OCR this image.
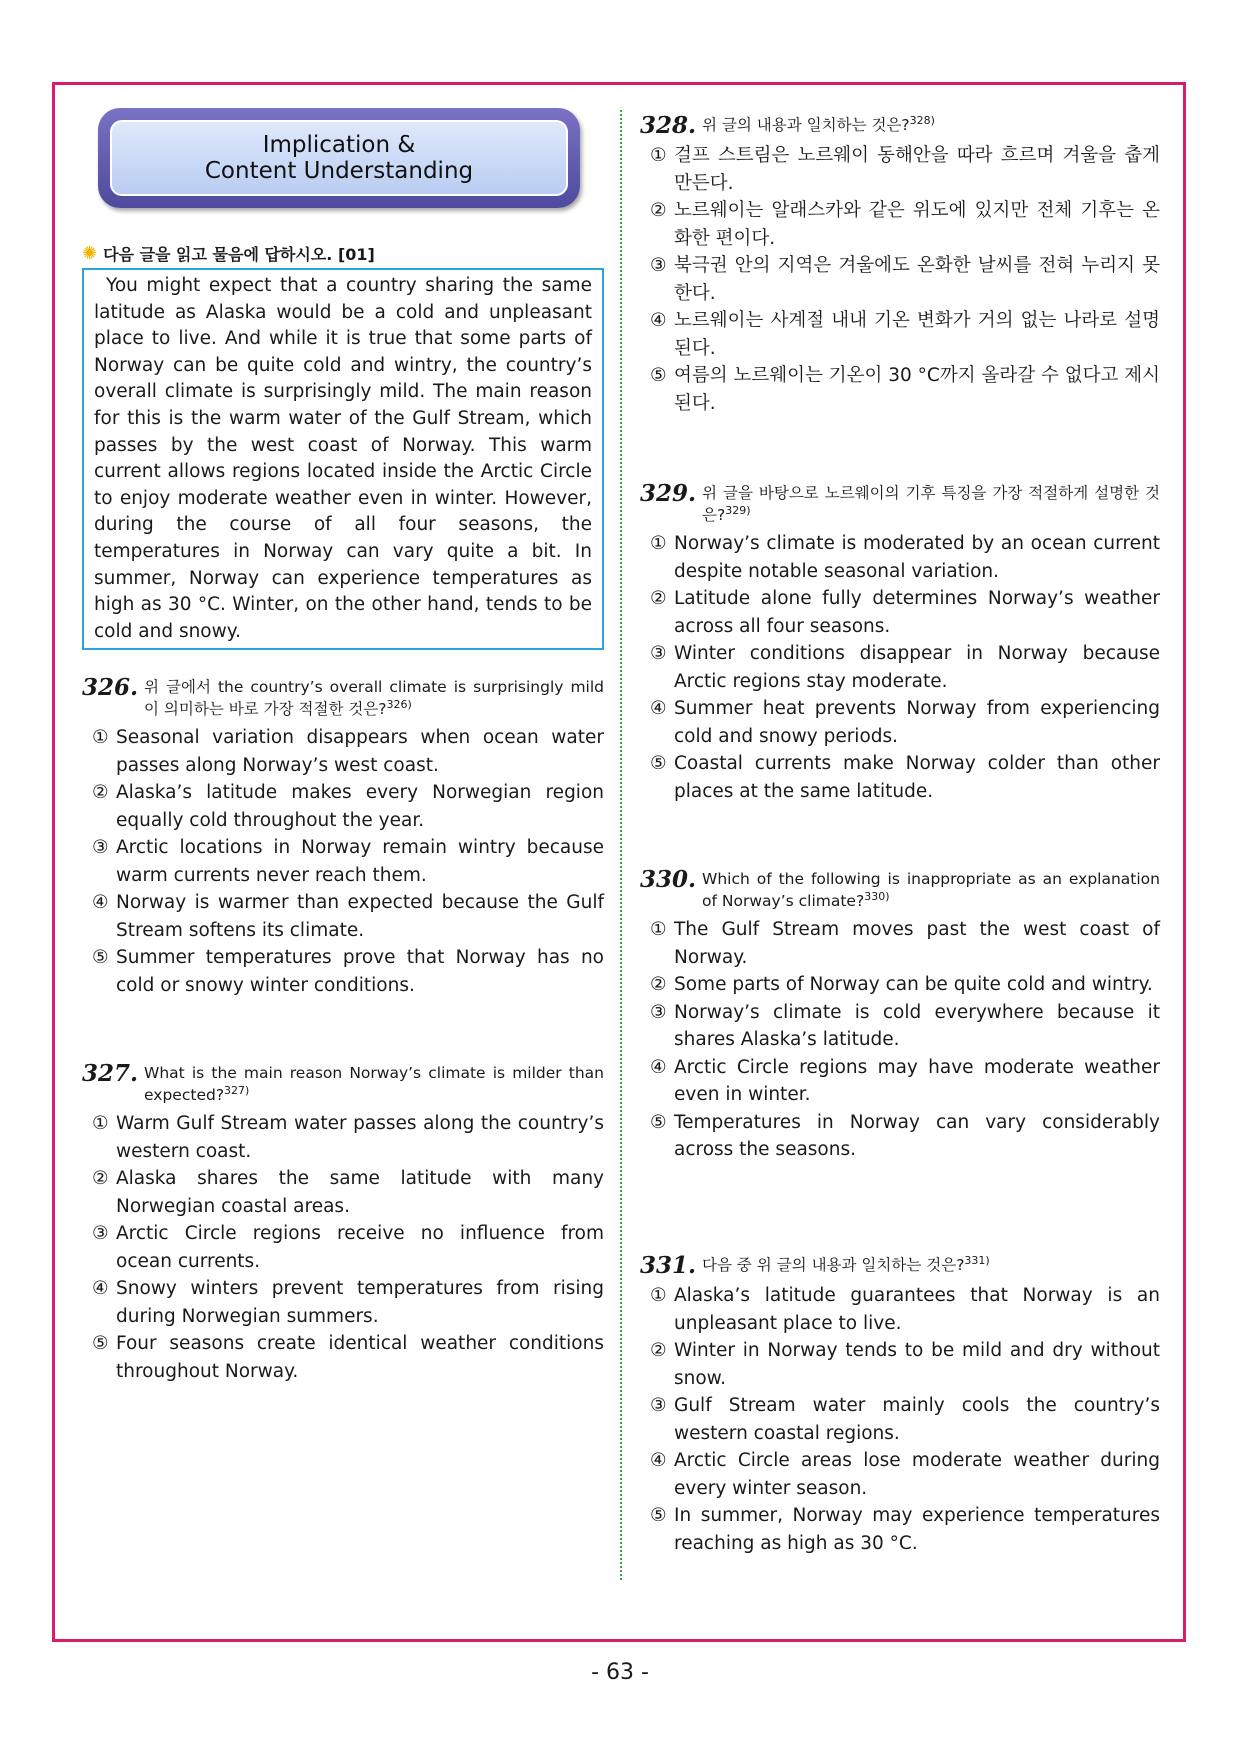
Implication &
Content Understanding
✺ 다음 글을 읽고 물음에 답하시오. [01]

You might expect that a country sharing the same latitude as Alaska would be a cold and unpleasant place to live. And while it is true that some parts of Norway can be quite cold and wintry, the country’s overall climate is surprisingly mild. The main reason for this is the warm water of the Gulf Stream, which passes by the west coast of Norway. This warm current allows regions located inside the Arctic Circle to enjoy moderate weather even in winter. However, during the course of all four seasons, the temperatures in Norway can vary quite a bit. In summer, Norway can experience temperatures as high as 30 °C. Winter, on the other hand, tends to be cold and snowy.

326. 위 글에서 the country’s overall climate is surprisingly mild 이 의미하는 바로 가장 적절한 것은?$^{326)}$
① Seasonal variation disappears when ocean water passes along Norway’s west coast.
② Alaska’s latitude makes every Norwegian region equally cold throughout the year.
③ Arctic locations in Norway remain wintry because warm currents never reach them.
④ Norway is warmer than expected because the Gulf Stream softens its climate.
⑤ Summer temperatures prove that Norway has no cold or snowy winter conditions.
327. What is the main reason Norway’s climate is milder than expected?$^{327)}$
① Warm Gulf Stream water passes along the country’s western coast.
② Alaska shares the same latitude with many Norwegian coastal areas.
③ Arctic Circle regions receive no influence from ocean currents.
④ Snowy winters prevent temperatures from rising during Norwegian summers.
⑤ Four seasons create identical weather conditions throughout Norway.
328. 위 글의 내용과 일치하는 것은?$^{328)}$
① 걸프 스트림은 노르웨이 동해안을 따라 흐르며 겨울을 춥게 만든다.
② 노르웨이는 알래스카와 같은 위도에 있지만 전체 기후는 온화한 편이다.
③ 북극권 안의 지역은 겨울에도 온화한 날씨를 전혀 누리지 못한다.
④ 노르웨이는 사계절 내내 기온 변화가 거의 없는 나라로 설명된다.
⑤ 여름의 노르웨이는 기온이 30 °C까지 올라갈 수 없다고 제시된다.
329. 위 글을 바탕으로 노르웨이의 기후 특징을 가장 적절하게 설명한 것은?$^{329)}$
① Norway’s climate is moderated by an ocean current despite notable seasonal variation.
② Latitude alone fully determines Norway’s weather across all four seasons.
③ Winter conditions disappear in Norway because Arctic regions stay moderate.
④ Summer heat prevents Norway from experiencing cold and snowy periods.
⑤ Coastal currents make Norway colder than other places at the same latitude.
330. Which of the following is inappropriate as an explanation of Norway’s climate?$^{330)}$
① The Gulf Stream moves past the west coast of Norway.
② Some parts of Norway can be quite cold and wintry.
③ Norway’s climate is cold everywhere because it shares Alaska’s latitude.
④ Arctic Circle regions may have moderate weather even in winter.
⑤ Temperatures in Norway can vary considerably across the seasons.
331. 다음 중 위 글의 내용과 일치하는 것은?$^{331)}$
① Alaska’s latitude guarantees that Norway is an unpleasant place to live.
② Winter in Norway tends to be mild and dry without snow.
③ Gulf Stream water mainly cools the country’s western coastal regions.
④ Arctic Circle areas lose moderate weather during every winter season.
⑤ In summer, Norway may experience temperatures reaching as high as 30 °C.
- 63 -
